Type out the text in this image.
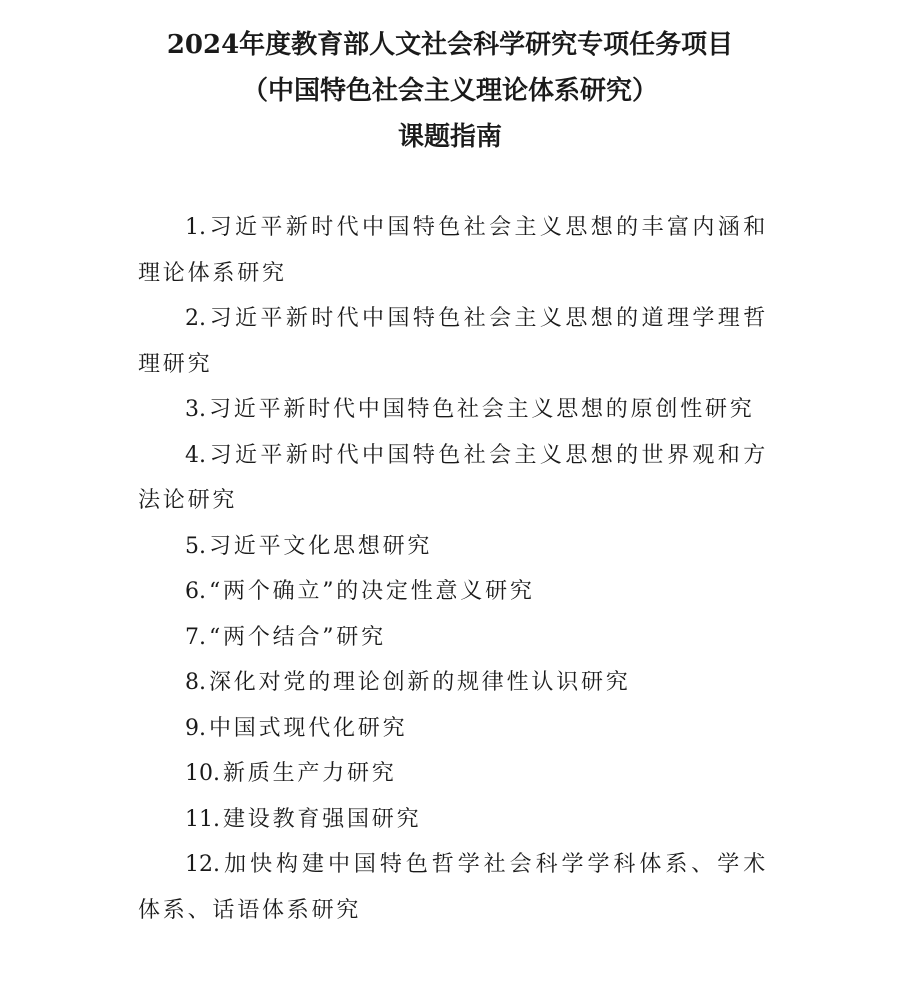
2024年度教育部人文社会科学研究专项任务项目
（中国特色社会主义理论体系研究）
课题指南

1. 习近平新时代中国特色社会主义思想的丰富内涵和理论体系研究

2. 习近平新时代中国特色社会主义思想的道理学理哲理研究

3. 习近平新时代中国特色社会主义思想的原创性研究

4. 习近平新时代中国特色社会主义思想的世界观和方法论研究

5. 习近平文化思想研究

6. “两个确立”的决定性意义研究

7. “两个结合”研究

8. 深化对党的理论创新的规律性认识研究

9. 中国式现代化研究

10. 新质生产力研究

11. 建设教育强国研究

12. 加快构建中国特色哲学社会科学学科体系、学术体系、话语体系研究
